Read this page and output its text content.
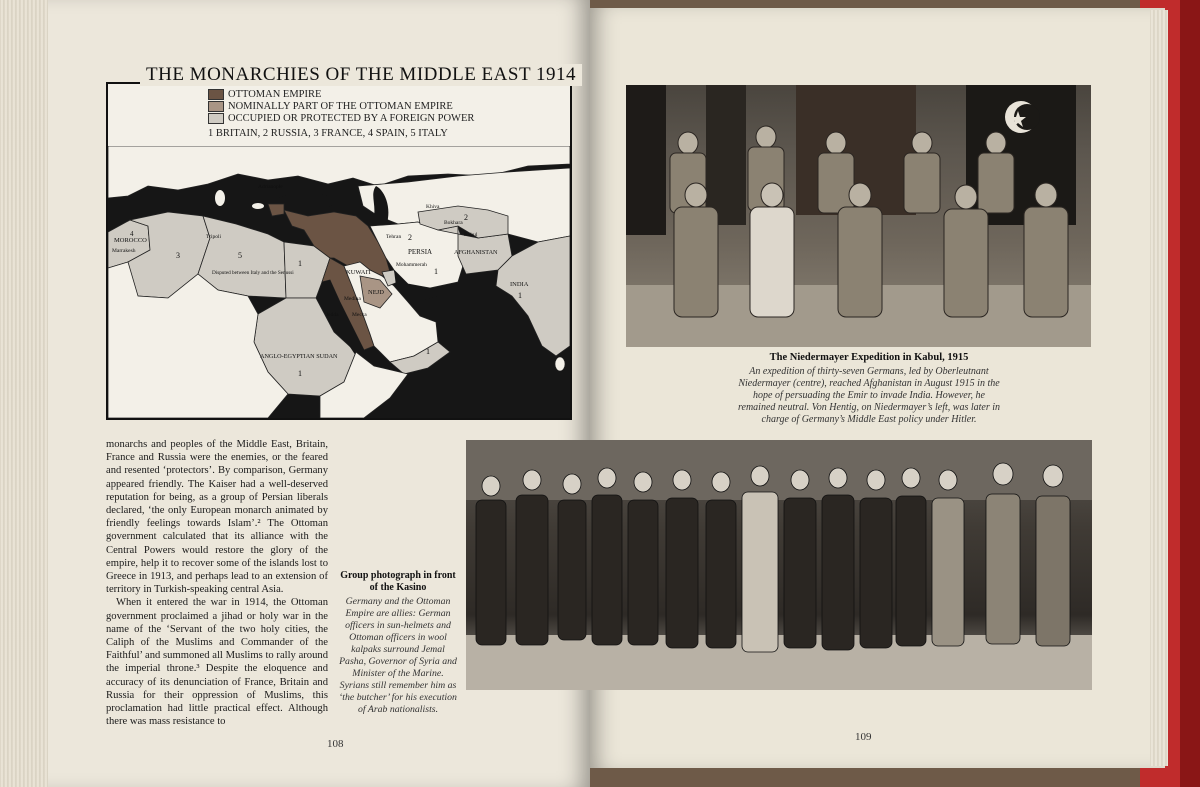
OTTOMAN EMPIRE
NOMINALLY PART OF THE OTTOMAN EMPIRE
OCCUPIED OR PROTECTED BY A FOREIGN POWER
1 BRITAIN, 2 RUSSIA, 3 FRANCE, 4 SPAIN, 5 ITALY
MOROCCO
Marrakesh
Tripoli
Adrianople
Tehran
PERSIA
Mohammerah
KUWAIT
NEJD
Medina
Mecca
Jedda
Disputed between Italy and the Senussi
ANGLO-EGYPTIAN SUDAN
Khiva
Bokhara
Kabul
AFGHANISTAN
INDIA
3	5
1
1
1
1
1
2
2
4
THE MONARCHIES OF THE MIDDLE EAST 1914

monarchs and peoples of the Middle East, Britain, France and Russia were the enemies, or the feared and resented ‘protectors’. By comparison, Germany appeared friendly. The Kaiser had a well-deserved reputation for being, as a group of Persian liberals declared, ‘the only European monarch animated by friendly feelings towards Islam’.² The Ottoman government calculated that its alliance with the Central Powers would restore the glory of the empire, help it to recover some of the islands lost to Greece in 1913, and perhaps lead to an extension of territory in Turkish-speaking central Asia.

When it entered the war in 1914, the Ottoman government proclaimed a jihad or holy war in the name of the ‘Servant of the two holy cities, the Caliph of the Muslims and Commander of the Faithful’ and summoned all Muslims to rally around the imperial throne.³ Despite the eloquence and accuracy of its denunciation of France, Britain and Russia for their oppression of Muslims, this proclamation had little practical effect. Although there was mass resistance to

Group photograph in front of the Kasino
Germany and the Ottoman Empire are allies: German officers in sun-helmets and Ottoman officers in wool kalpaks surround Jemal Pasha, Governor of Syria and Minister of the Marine. Syrians still remember him as ‘the butcher’ for his execution of Arab nationalists.
108
The Niedermayer Expedition in Kabul, 1915
An expedition of thirty-seven Germans, led by Oberleutnant Niedermayer (centre), reached Afghanistan in August 1915 in the hope of persuading the Emir to invade India. However, he remained neutral. Von Hentig, on Niedermayer’s left, was later in charge of Germany’s Middle East policy under Hitler.
109
